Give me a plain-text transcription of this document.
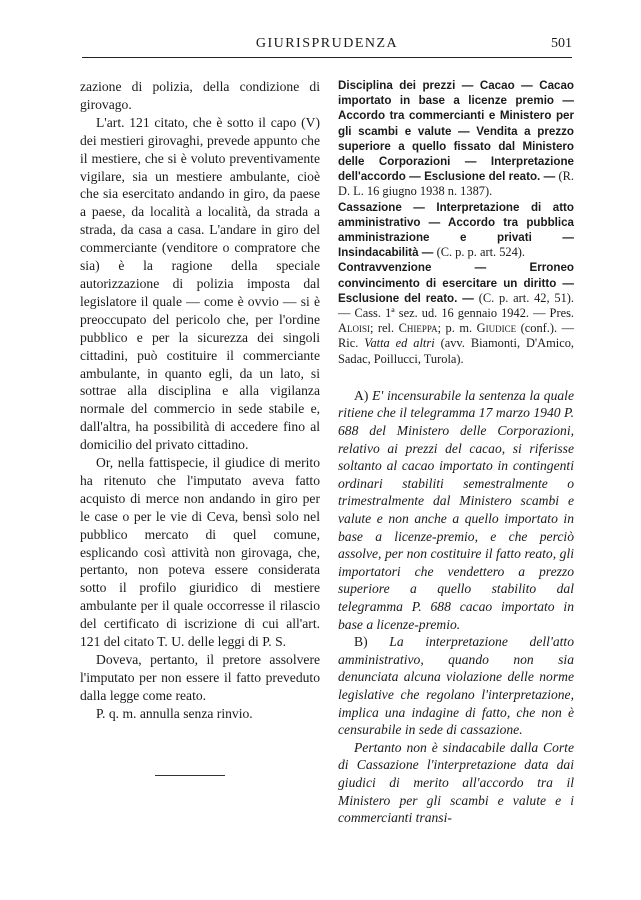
GIURISPRUDENZA	501

zazione di polizia, della condizione di girovago.

L'art. 121 citato, che è sotto il capo (V) dei mestieri girovaghi, prevede appunto che il mestiere, che si è voluto preventivamente vigilare, sia un mestiere ambulante, cioè che sia esercitato andando in giro, da paese a paese, da località a località, da strada a strada, da casa a casa. L'andare in giro del commerciante (venditore o compratore che sia) è la ragione della speciale autorizzazione di polizia imposta dal legislatore il quale — come è ovvio — si è preoccupato del pericolo che, per l'ordine pubblico e per la sicurezza dei singoli cittadini, può costituire il commerciante ambulante, in quanto egli, da un lato, si sottrae alla disciplina e alla vigilanza normale del commercio in sede stabile e, dall'altra, ha possibilità di accedere fino al domicilio del privato cittadino.

Or, nella fattispecie, il giudice di merito ha ritenuto che l'imputato aveva fatto acquisto di merce non andando in giro per le case o per le vie di Ceva, bensì solo nel pubblico mercato di quel comune, esplicando così attività non girovaga, che, pertanto, non poteva essere considerata sotto il profilo giuridico di mestiere ambulante per il quale occorresse il rilascio del certificato di iscrizione di cui all'art. 121 del citato T. U. delle leggi di P. S.

Doveva, pertanto, il pretore assolvere l'imputato per non essere il fatto preveduto dalla legge come reato.

P. q. m. annulla senza rinvio.

Disciplina dei prezzi — Cacao — Cacao importato in base a licenze premio — Accordo tra commercianti e Ministero per gli scambi e valute — Vendita a prezzo superiore a quello fissato dal Ministero delle Corporazioni — Interpretazione dell'accordo — Esclusione del reato. — (R. D. L. 16 giugno 1938 n. 1387).

Cassazione — Interpretazione di atto amministrativo — Accordo tra pubblica amministrazione e privati — Insindacabilità — (C. p. p. art. 524).

Contravvenzione — Erroneo convincimento di esercitare un diritto — Esclusione del reato. — (C. p. art. 42, 51). — Cass. 1ª sez. ud. 16 gennaio 1942. — Pres. Aloisi; rel. Chieppa; p. m. Giudice (conf.). — Ric. Vatta ed altri (avv. Biamonti, D'Amico, Sadac, Poillucci, Turola).

A) E' incensurabile la sentenza la quale ritiene che il telegramma 17 marzo 1940 P. 688 del Ministero delle Corporazioni, relativo ai prezzi del cacao, si riferisse soltanto al cacao importato in contingenti ordinari stabiliti semestralmente o trimestralmente dal Ministero scambi e valute e non anche a quello importato in base a licenze-premio, e che perciò assolve, per non costituire il fatto reato, gli importatori che vendettero a prezzo superiore a quello stabilito dal telegramma P. 688 cacao importato in base a licenze-premio.

B) La interpretazione dell'atto amministrativo, quando non sia denunciata alcuna violazione delle norme legislative che regolano l'interpretazione, implica una indagine di fatto, che non è censurabile in sede di cassazione.

Pertanto non è sindacabile dalla Corte di Cassazione l'interpretazione data dai giudici di merito all'accordo tra il Ministero per gli scambi e valute e i commercianti transi-
